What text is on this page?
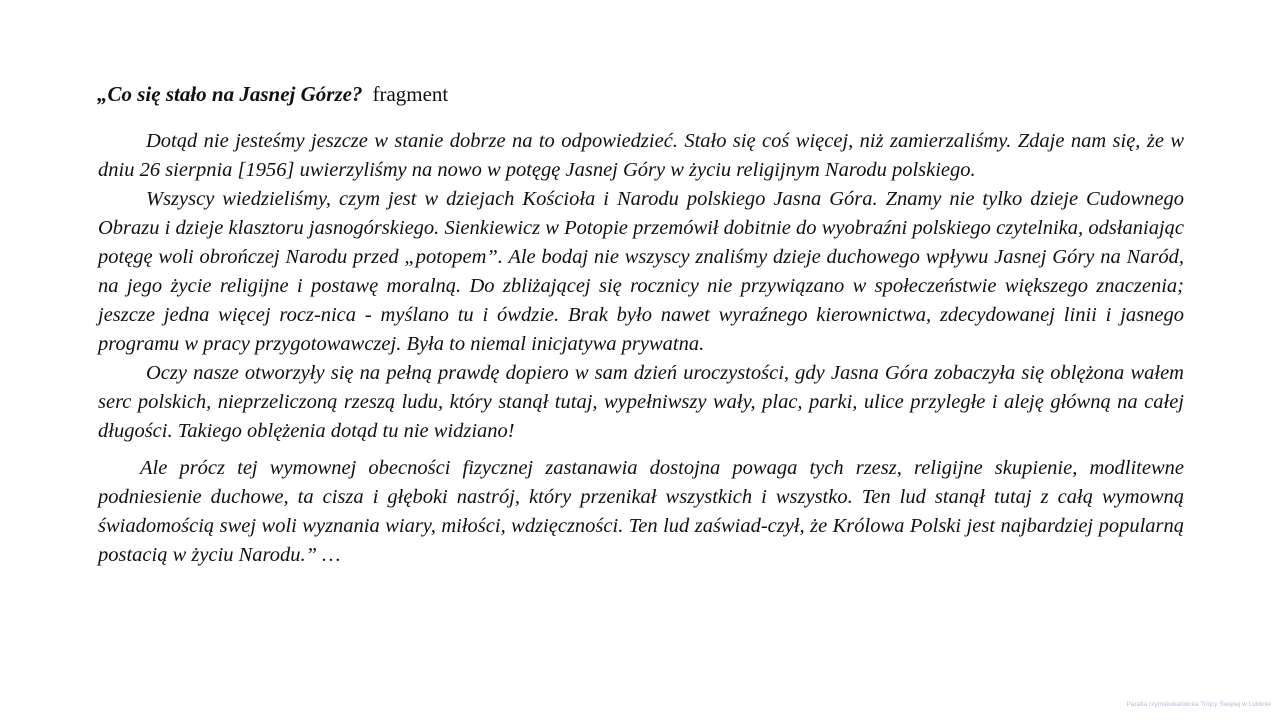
„Co się stało na Jasnej Górze? fragment

Dotąd nie jesteśmy jeszcze w stanie dobrze na to odpowiedzieć. Stało się coś więcej, niż zamierzaliśmy. Zdaje nam się, że w dniu 26 sierpnia [1956] uwierzyliśmy na nowo w potęgę Jasnej Góry w życiu religijnym Narodu polskiego.

Wszyscy wiedzieliśmy, czym jest w dziejach Kościoła i Narodu polskiego Jasna Góra. Znamy nie tylko dzieje Cudownego Obrazu i dzieje klasztoru jasnogórskiego. Sienkiewicz w Potopie przemówił dobitnie do wyobraźni polskiego czytelnika, odsłaniając potęgę woli obrończej Narodu przed „potopem”. Ale bodaj nie wszyscy znaliśmy dzieje duchowego wpływu Jasnej Góry na Naród, na jego życie religijne i postawę moralną. Do zbliżającej się rocznicy nie przywiązano w społeczeństwie większego znaczenia; jeszcze jedna więcej rocz-nica - myślano tu i ówdzie. Brak było nawet wyraźnego kierownictwa, zdecydowanej linii i jasnego programu w pracy przygotowawczej. Była to niemal inicjatywa prywatna.

Oczy nasze otworzyły się na pełną prawdę dopiero w sam dzień uroczystości, gdy Jasna Góra zobaczyła się oblężona wałem serc polskich, nieprzeliczoną rzeszą ludu, który stanął tutaj, wypełniwszy wały, plac, parki, ulice przyległe i aleję główną na całej długości. Takiego oblężenia dotąd tu nie widziano!

Ale prócz tej wymownej obecności fizycznej zastanawia dostojna powaga tych rzesz, religijne skupienie, modlitewne podniesienie duchowe, ta cisza i głęboki nastrój, który przenikał wszystkich i wszystko. Ten lud stanął tutaj z całą wymowną świadomością swej woli wyznania wiary, miłości, wdzięczności. Ten lud zaświad-czył, że Królowa Polski jest najbardziej popularną postacią w życiu Narodu.” …

Parafia rzymskokatolicka Trójcy Świętej w Lublinie
